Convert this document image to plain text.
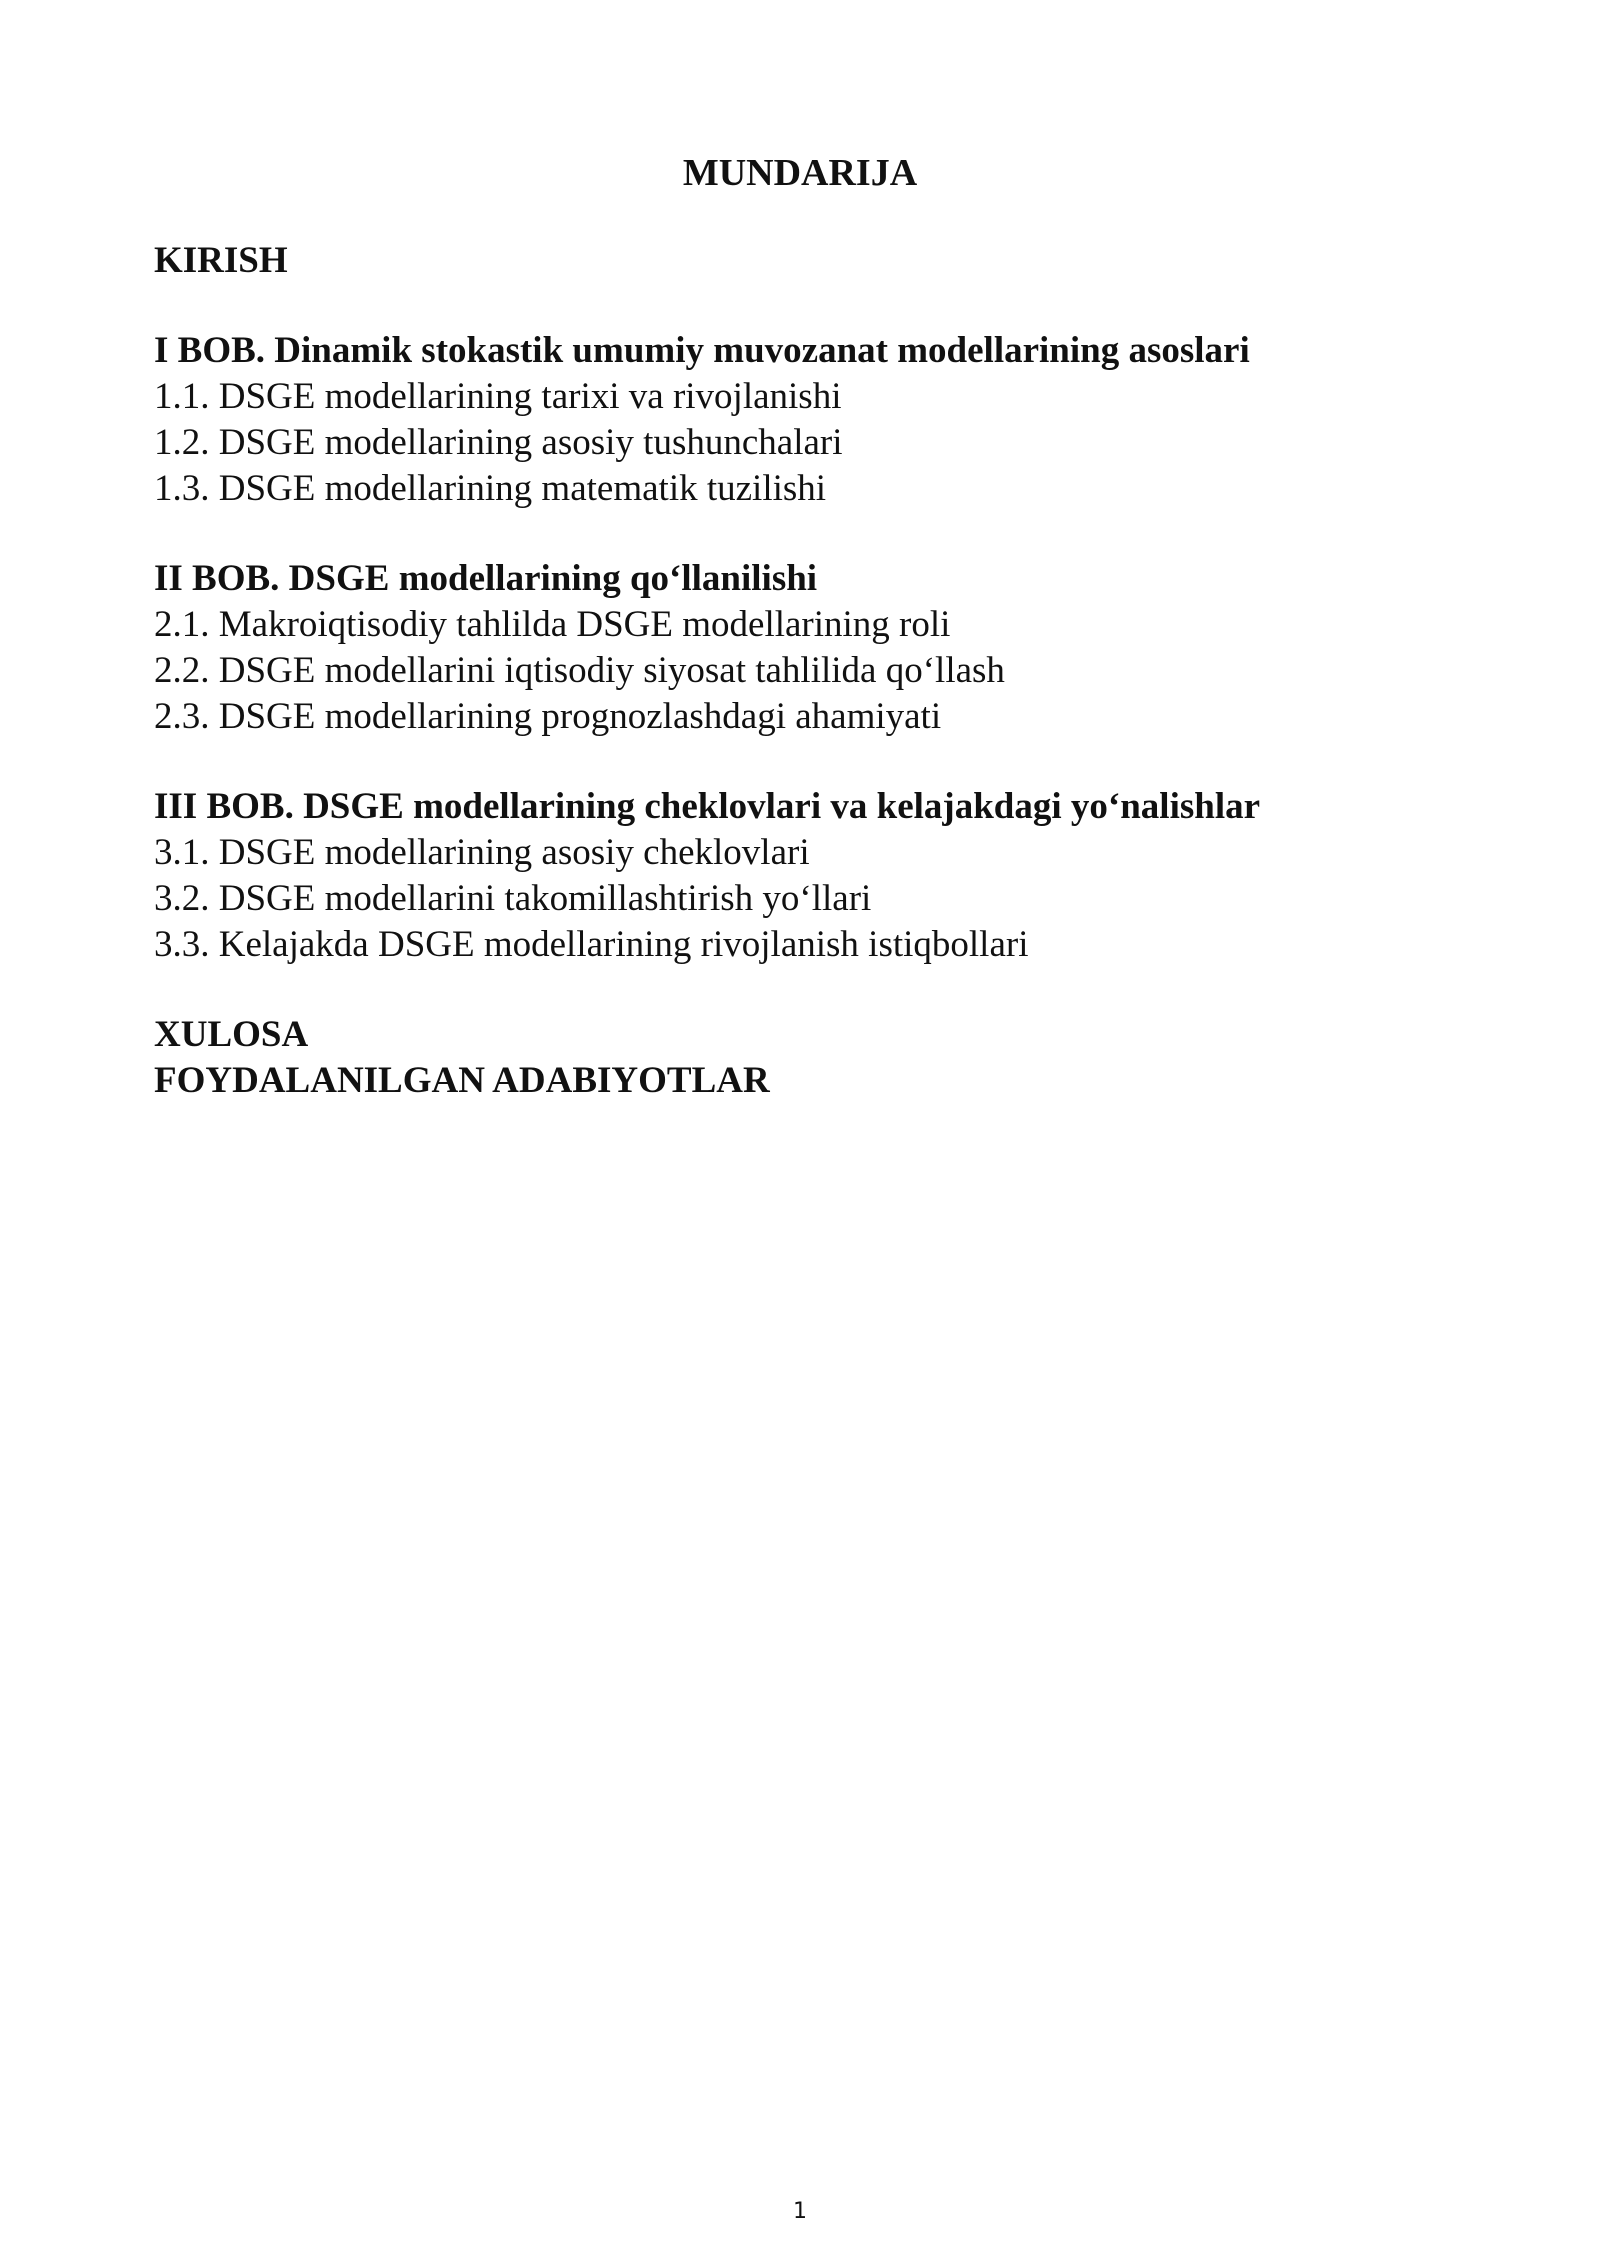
MUNDARIJA
KIRISH
I BOB. Dinamik stokastik umumiy muvozanat modellarining asoslari
1.1. DSGE modellarining tarixi va rivojlanishi
1.2. DSGE modellarining asosiy tushunchalari
1.3. DSGE modellarining matematik tuzilishi
II BOB. DSGE modellarining qo‘llanilishi
2.1. Makroiqtisodiy tahlilda DSGE modellarining roli
2.2. DSGE modellarini iqtisodiy siyosat tahlilida qo‘llash
2.3. DSGE modellarining prognozlashdagi ahamiyati
III BOB. DSGE modellarining cheklovlari va kelajakdagi yo‘nalishlar
3.1. DSGE modellarining asosiy cheklovlari
3.2. DSGE modellarini takomillashtirish yo‘llari
3.3. Kelajakda DSGE modellarining rivojlanish istiqbollari
XULOSA
FOYDALANILGAN ADABIYOTLAR
1
